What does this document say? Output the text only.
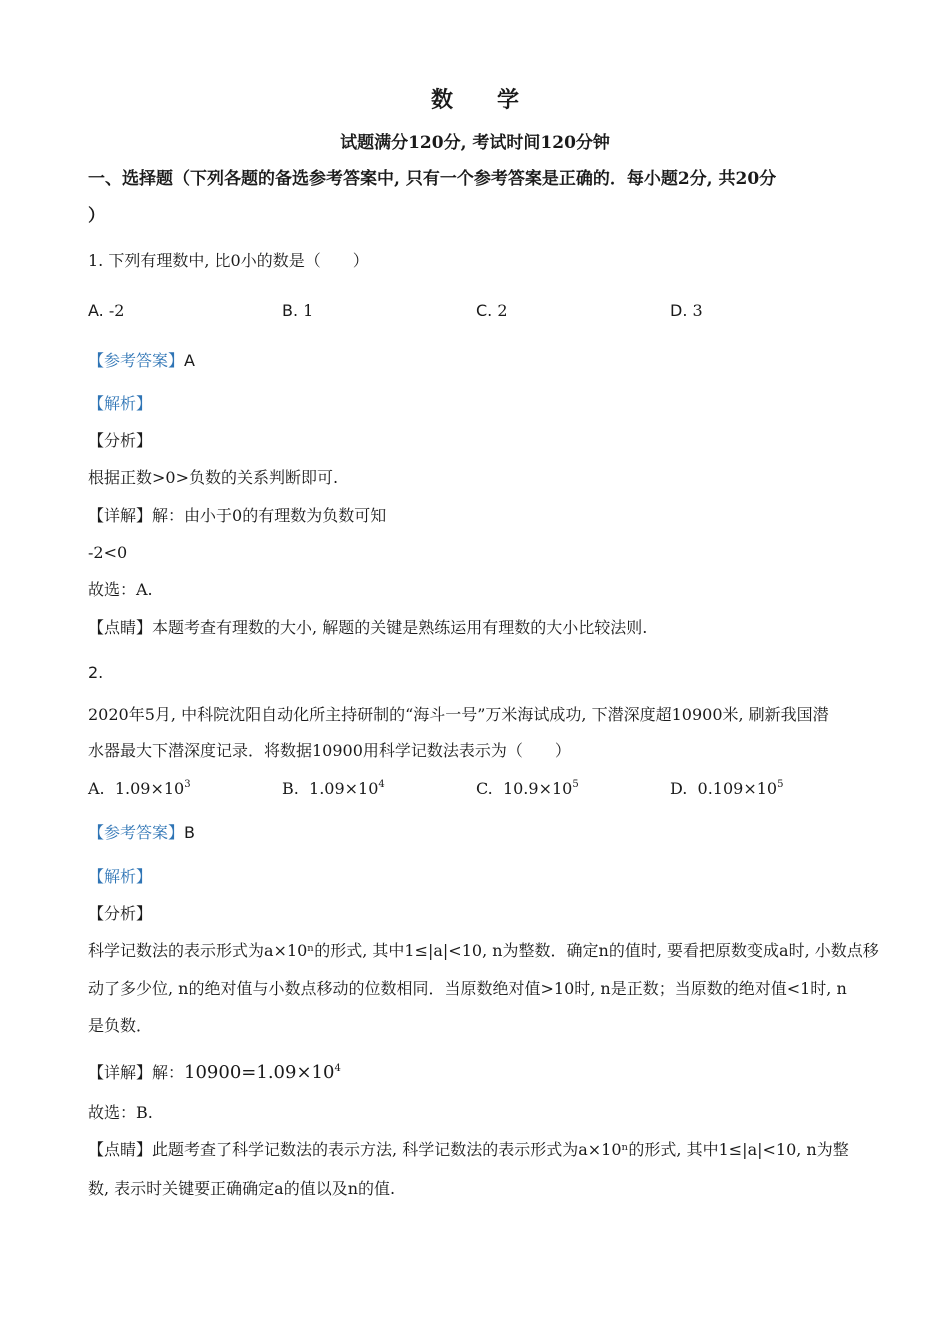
数　　学
试题满分120分, 考试时间120分钟
一、选择题（下列各题的备选参考答案中, 只有一个参考答案是正确的．每小题2分, 共20分
）
1. 下列有理数中, 比0小的数是（　　）
A. -2	B. 1	C. 2	D. 3
【参考答案】A
【解析】
【分析】
根据正数>0>负数的关系判断即可.
【详解】解：由小于0的有理数为负数可知
-2<0
故选：A.
【点睛】本题考查有理数的大小, 解题的关键是熟练运用有理数的大小比较法则.
2.
2020年5月, 中科院沈阳自动化所主持研制的“海斗一号”万米海试成功, 下潜深度超10900米, 刷新我国潜
水器最大下潜深度记录．将数据10900用科学记数法表示为（　　）
A. $1.09\times 10^3$	B. $1.09\times 10^4$	C. $10.9\times 10^5$	D. $0.109\times 10^5$
【参考答案】B
【解析】
【分析】
科学记数法的表示形式为a×10ⁿ的形式, 其中1≤|a|<10, n为整数．确定n的值时, 要看把原数变成a时, 小数点移
动了多少位, n的绝对值与小数点移动的位数相同．当原数绝对值>10时, n是正数；当原数的绝对值<1时, n
是负数．
【详解】解：$10900=1.09\times 10^4$
故选：B.
【点睛】此题考查了科学记数法的表示方法, 科学记数法的表示形式为a×10ⁿ的形式, 其中1≤|a|<10, n为整
数, 表示时关键要正确确定a的值以及n的值.
